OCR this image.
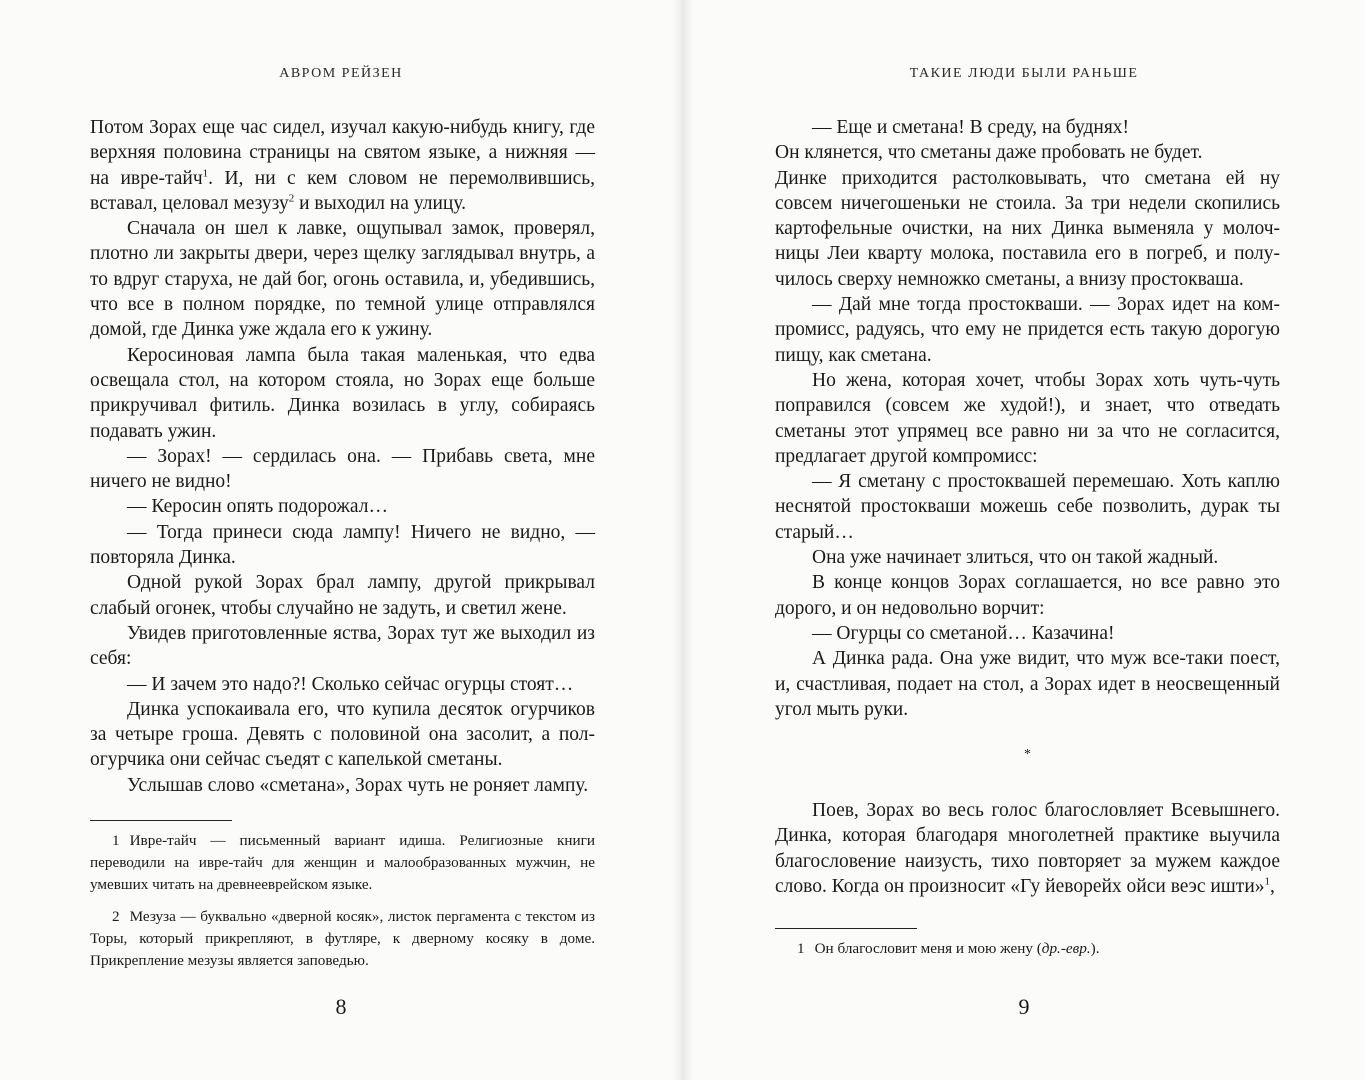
АВРОМ РЕЙЗЕН

Потом Зорах еще час сидел, изучал какую-нибудь книгу, где верхняя половина страницы на святом языке, а нижняя — на ивре-тайч$^1$. И, ни с кем словом не перемолвившись, вставал, целовал мезузу$^2$ и выходил на улицу.

Сначала он шел к лавке, ощупывал замок, проверял, плотно ли закрыты двери, через щелку заглядывал внутрь, а то вдруг старуха, не дай бог, огонь оставила, и, убедившись, что все в полном порядке, по темной улице отправлялся домой, где Динка уже ждала его к ужину.

Керосиновая лампа была такая маленькая, что едва освещала стол, на котором стояла, но Зорах еще больше прикручивал фитиль. Динка возилась в углу, собираясь подавать ужин.

— Зорах! — сердилась она. — Прибавь света, мне ничего не видно!

— Керосин опять подорожал…

— Тогда принеси сюда лампу! Ничего не видно, — повторяла Динка.

Одной рукой Зорах брал лампу, другой прикрывал слабый огонек, чтобы случайно не задуть, и светил жене.

Увидев приготовленные яства, Зорах тут же выходил из себя:

— И зачем это надо?! Сколько сейчас огурцы стоят…

Динка успокаивала его, что купила десяток огурчиков за четыре гроша. Девять с половиной она засолит, а пол-огурчика они сейчас съедят с капелькой сметаны.

Услышав слово «сметана», Зорах чуть не роняет лампу.

1 Ивре-тайч — письменный вариант идиша. Религиозные книги переводили на ивре-тайч для женщин и малообразованных мужчин, не умевших читать на древнееврейском языке.

2 Мезуза — буквально «дверной косяк», листок пергамента с текстом из Торы, который прикрепляют, в футляре, к дверному косяку в доме. Прикрепление мезузы является заповедью.

8
ТАКИЕ ЛЮДИ БЫЛИ РАНЬШЕ

— Еще и сметана! В среду, на буднях!

Он клянется, что сметаны даже пробовать не будет.

Динке приходится растолковывать, что сметана ей ну совсем ничегошеньки не стоила. За три недели скопились картофельные очистки, на них Динка выменяла у молочницы Леи кварту молока, поставила его в погреб, и получилось сверху немножко сметаны, а внизу простокваша.

— Дай мне тогда простокваши. — Зорах идет на компромисс, радуясь, что ему не придется есть такую дорогую пищу, как сметана.

Но жена, которая хочет, чтобы Зорах хоть чуть-чуть поправился (совсем же худой!), и знает, что отведать сметаны этот упрямец все равно ни за что не согласится, предлагает другой компромисс:

— Я сметану с простоквашей перемешаю. Хоть каплю неснятой простокваши можешь себе позволить, дурак ты старый…

Она уже начинает злиться, что он такой жадный.

В конце концов Зорах соглашается, но все равно это дорого, и он недовольно ворчит:

— Огурцы со сметаной… Казачина!

А Динка рада. Она уже видит, что муж все-таки поест, и, счастливая, подает на стол, а Зорах идет в неосвещенный угол мыть руки.

*

Поев, Зорах во весь голос благословляет Всевышнего. Динка, которая благодаря многолетней практике выучила благословение наизусть, тихо повторяет за мужем каждое слово. Когда он произносит «Гу йеворейх ойси веэс ишти»$^1$,

1 Он благословит меня и мою жену (др.-евр.).

9
